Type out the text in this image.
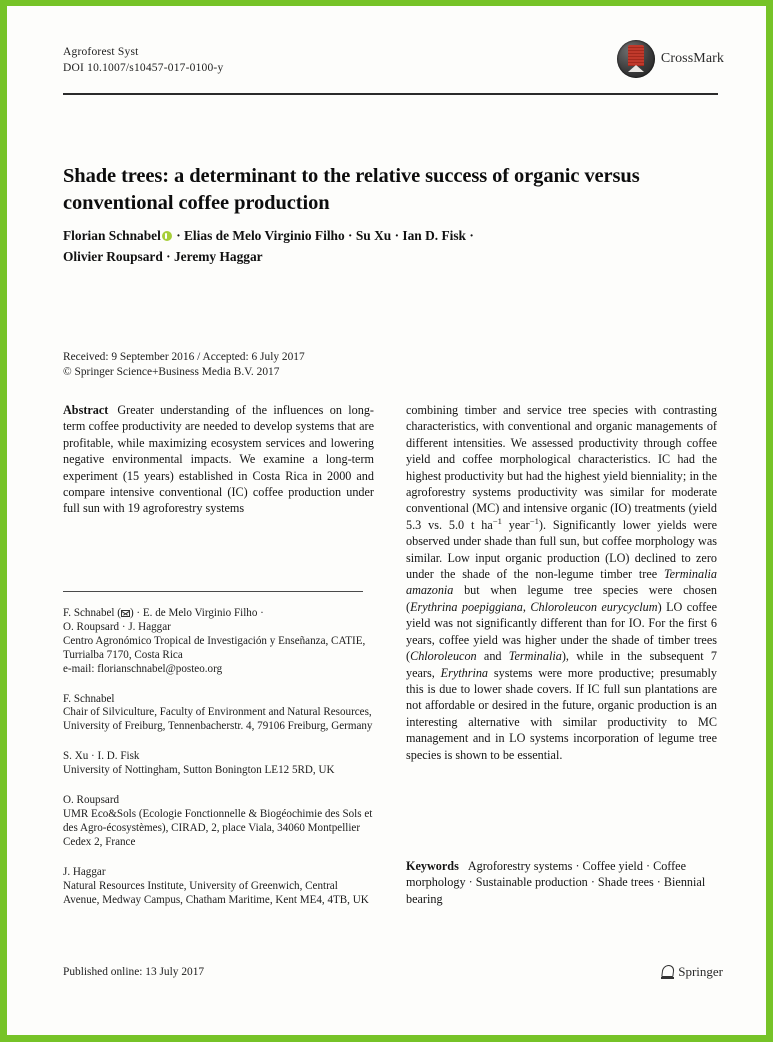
Agroforest Syst
DOI 10.1007/s10457-017-0100-y
CrossMark
Shade trees: a determinant to the relative success of organic versus conventional coffee production
Florian Schnabel · Elias de Melo Virginio Filho · Su Xu · Ian D. Fisk ·
Olivier Roupsard · Jeremy Haggar
Received: 9 September 2016 / Accepted: 6 July 2017
© Springer Science+Business Media B.V. 2017

Abstract Greater understanding of the influences on long-term coffee productivity are needed to develop systems that are profitable, while maximizing ecosystem services and lowering negative environmental impacts. We examine a long-term experiment (15 years) established in Costa Rica in 2000 and compare intensive conventional (IC) coffee production under full sun with 19 agroforestry systems

F. Schnabel ( ) · E. de Melo Virginio Filho ·
O. Roupsard · J. Haggar
Centro Agronómico Tropical de Investigación y Enseñanza, CATIE, Turrialba 7170, Costa Rica
e-mail: florianschnabel@posteo.org
F. Schnabel
Chair of Silviculture, Faculty of Environment and Natural Resources, University of Freiburg, Tennenbacherstr. 4, 79106 Freiburg, Germany
S. Xu · I. D. Fisk
University of Nottingham, Sutton Bonington LE12 5RD, UK
O. Roupsard
UMR Eco&Sols (Ecologie Fonctionnelle & Biogéochimie des Sols et des Agro-écosystèmes), CIRAD, 2, place Viala, 34060 Montpellier Cedex 2, France
J. Haggar
Natural Resources Institute, University of Greenwich, Central Avenue, Medway Campus, Chatham Maritime, Kent ME4, 4TB, UK

combining timber and service tree species with contrasting characteristics, with conventional and organic managements of different intensities. We assessed productivity through coffee yield and coffee morphological characteristics. IC had the highest productivity but had the highest yield bienniality; in the agroforestry systems productivity was similar for moderate conventional (MC) and intensive organic (IO) treatments (yield 5.3 vs. 5.0 t $ha^{-1}$ year$^{-1}$). Significantly lower yields were observed under shade than full sun, but coffee morphology was similar. Low input organic production (LO) declined to zero under the shade of the non-legume timber tree Terminalia amazonia but when legume tree species were chosen (Erythrina poepiggiana, Chloroleucon eurycyclum) LO coffee yield was not significantly different than for IO. For the first 6 years, coffee yield was higher under the shade of timber trees (Chloroleucon and Terminalia), while in the subsequent 7 years, Erythrina systems were more productive; presumably this is due to lower shade covers. If IC full sun plantations are not affordable or desired in the future, organic production is an interesting alternative with similar productivity to MC management and in LO systems incorporation of legume tree species is shown to be essential.

Keywords Agroforestry systems · Coffee yield · Coffee morphology · Sustainable production · Shade trees · Biennial bearing
Published online: 13 July 2017	Springer
